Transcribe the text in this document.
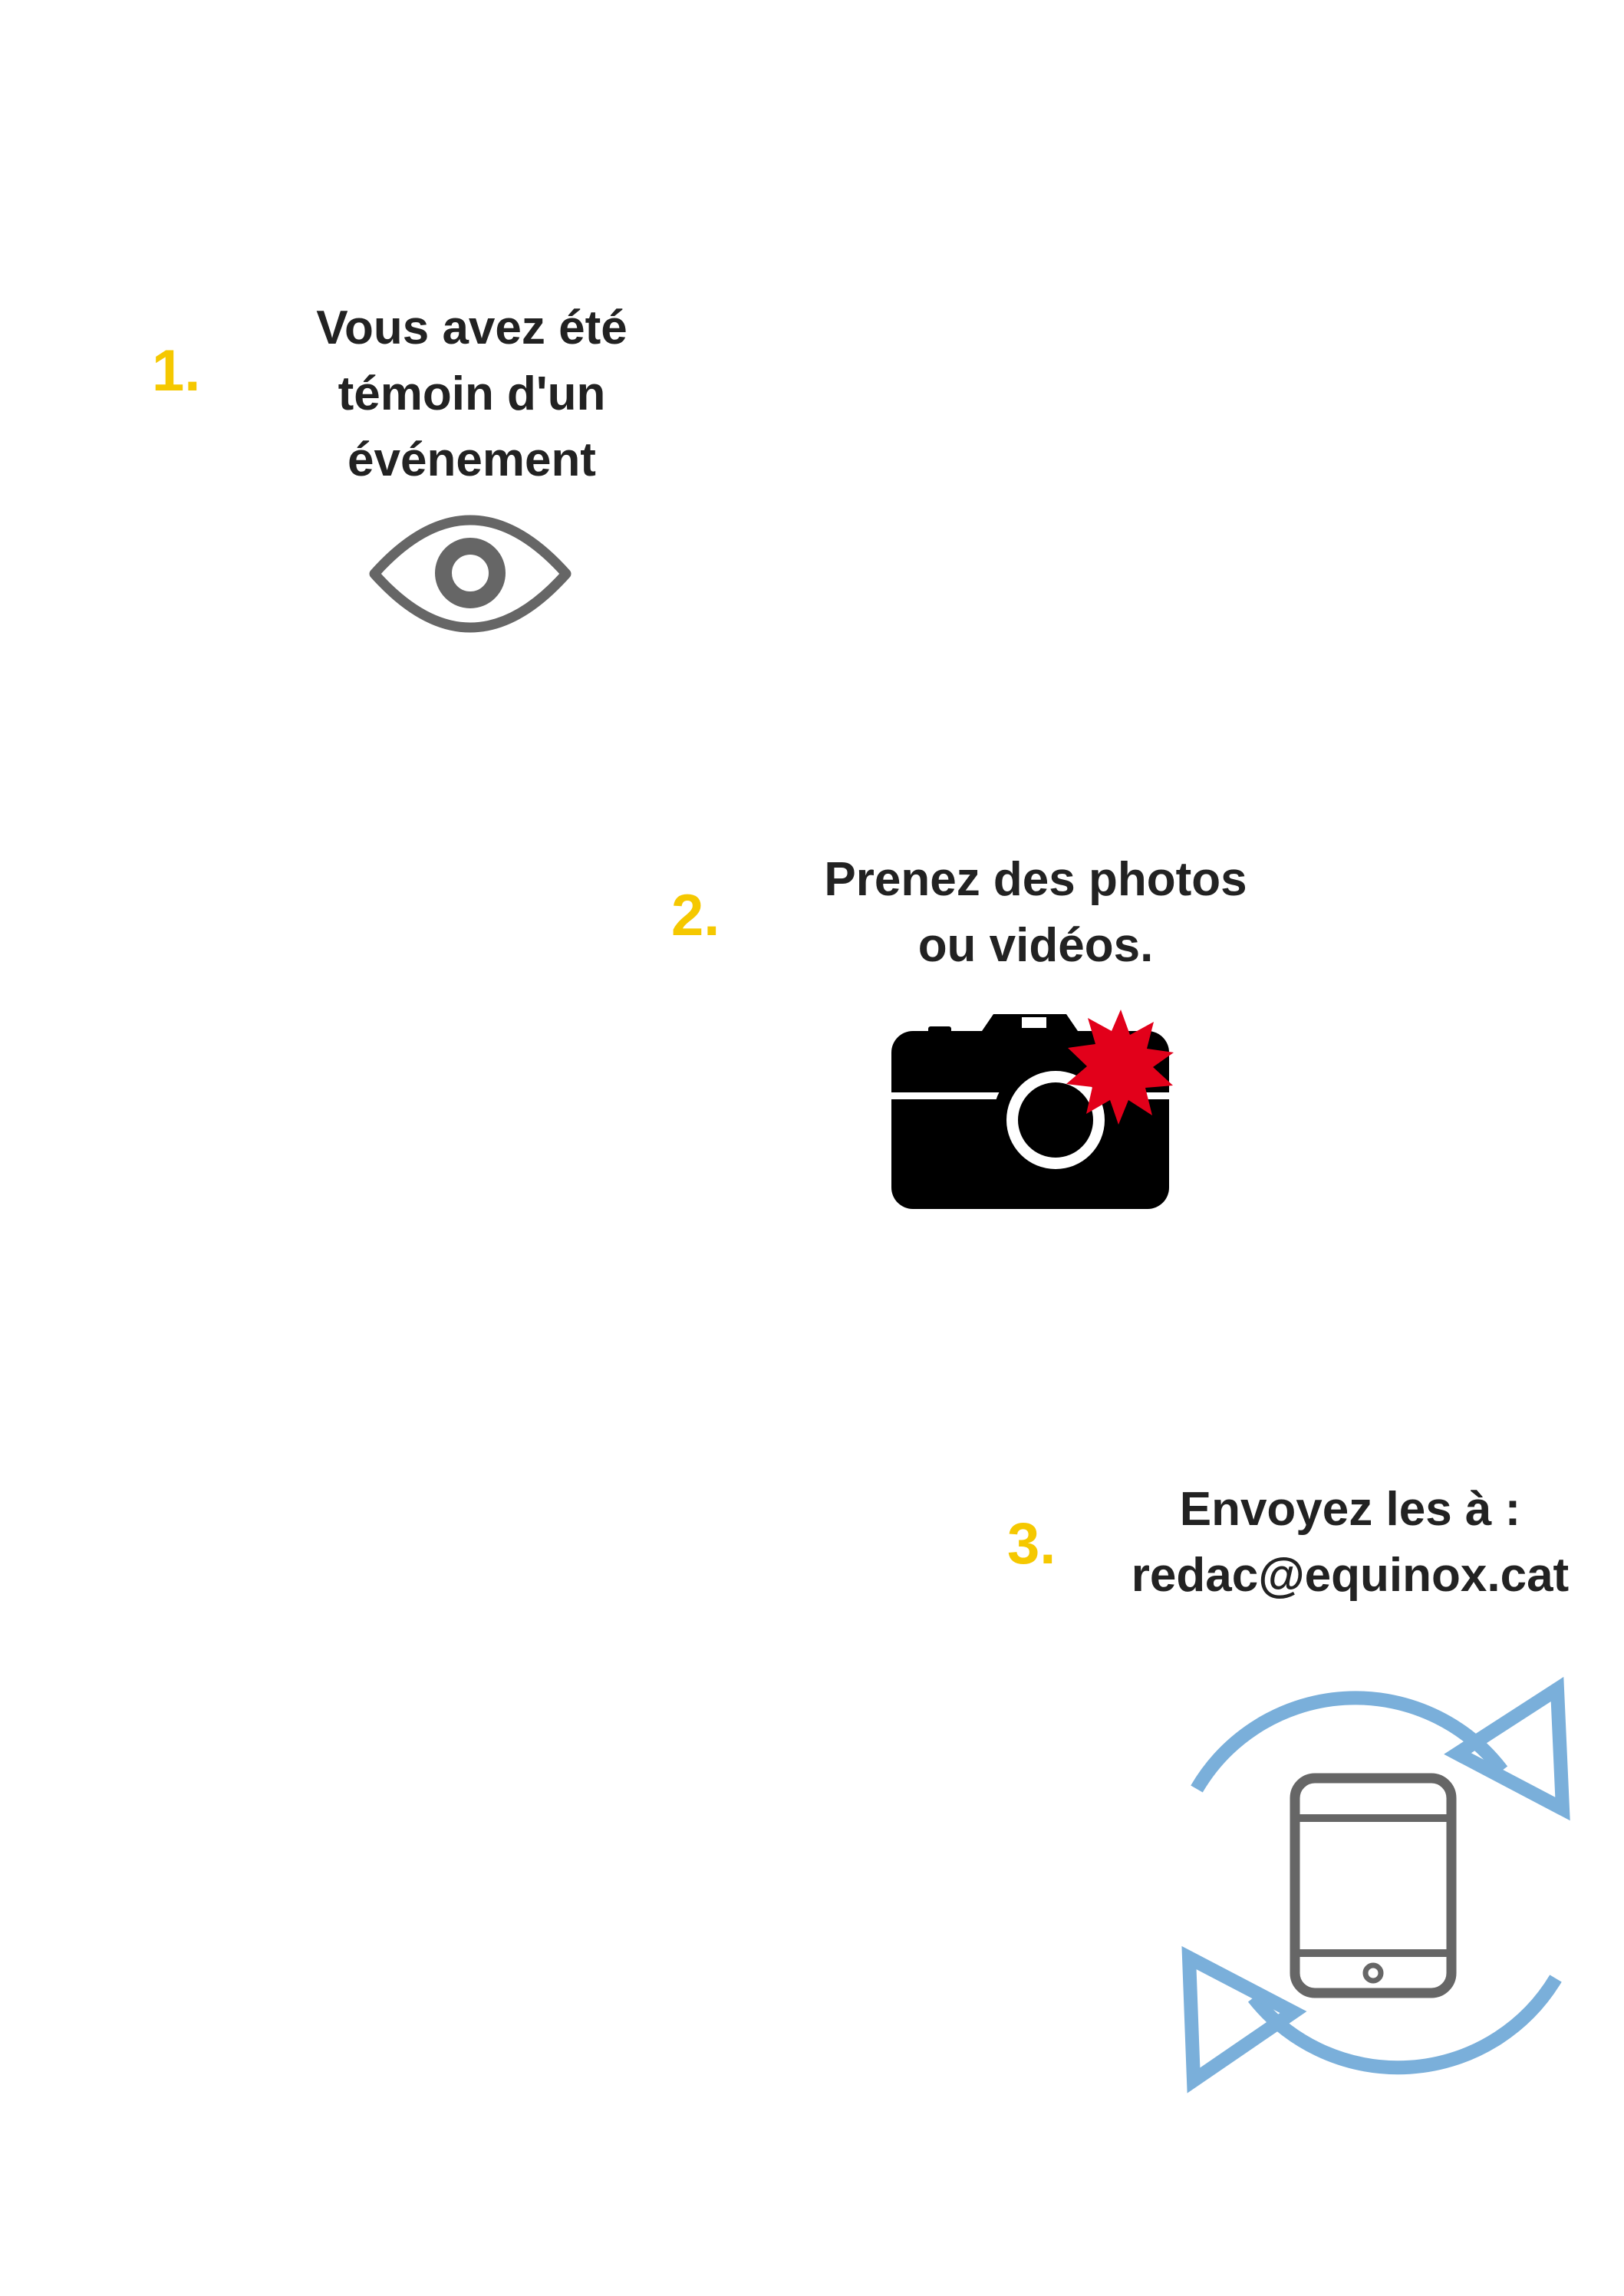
1.
Vous avez été
témoin d'un
événement
2.
Prenez des photos
ou vidéos.
3.
Envoyez les à :
redac@equinox.cat
